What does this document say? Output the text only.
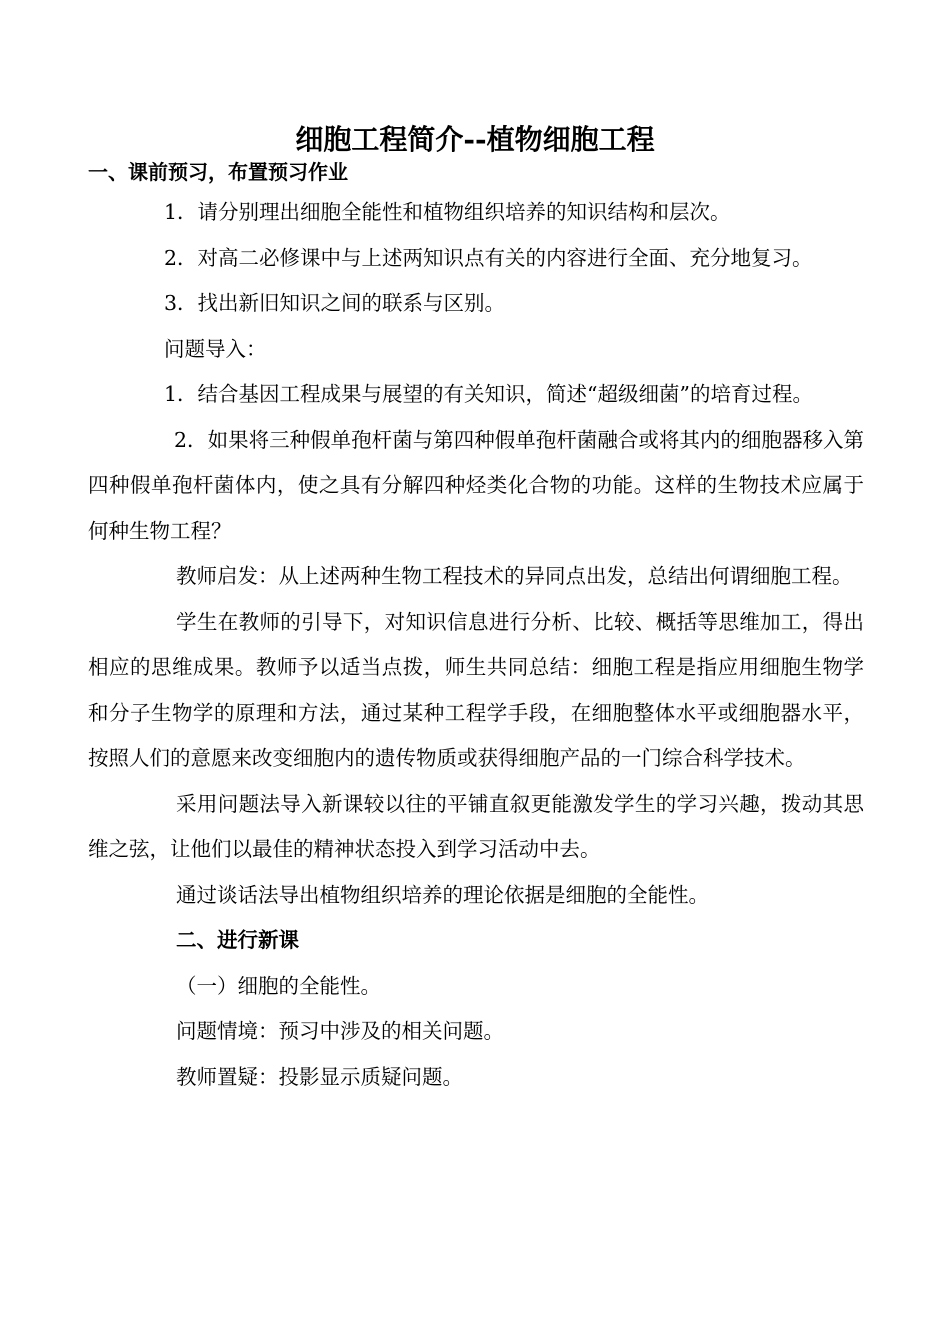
细胞工程简介--植物细胞工程
一、课前预习，布置预习作业

1．请分别理出细胞全能性和植物组织培养的知识结构和层次。

2．对高二必修课中与上述两知识点有关的内容进行全面、充分地复习。

3．找出新旧知识之间的联系与区别。

问题导入：

1．结合基因工程成果与展望的有关知识，简述“超级细菌”的培育过程。

2．如果将三种假单孢杆菌与第四种假单孢杆菌融合或将其内的细胞器移入第四种假单孢杆菌体内，使之具有分解四种烃类化合物的功能。这样的生物技术应属于何种生物工程？

教师启发：从上述两种生物工程技术的异同点出发，总结出何谓细胞工程。

学生在教师的引导下，对知识信息进行分析、比较、概括等思维加工，得出相应的思维成果。教师予以适当点拨，师生共同总结：细胞工程是指应用细胞生物学和分子生物学的原理和方法，通过某种工程学手段，在细胞整体水平或细胞器水平，按照人们的意愿来改变细胞内的遗传物质或获得细胞产品的一门综合科学技术。

采用问题法导入新课较以往的平铺直叙更能激发学生的学习兴趣，拨动其思维之弦，让他们以最佳的精神状态投入到学习活动中去。

通过谈话法导出植物组织培养的理论依据是细胞的全能性。

二、进行新课

（一）细胞的全能性。

问题情境：预习中涉及的相关问题。

教师置疑：投影显示质疑问题。
